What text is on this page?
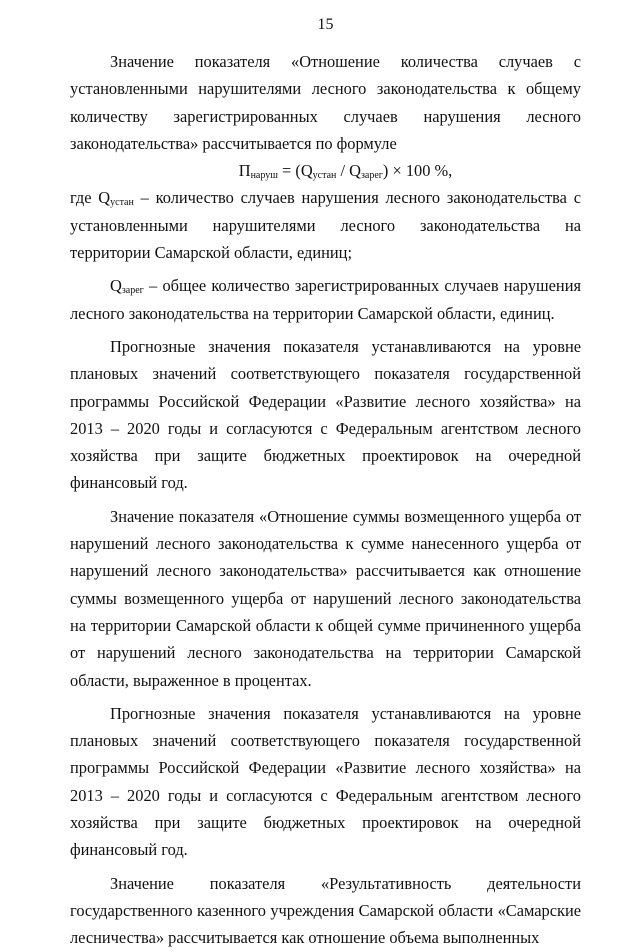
15

Значение показателя «Отношение количества случаев с установленными нарушителями лесного законодательства к общему количеству зарегистрированных случаев нарушения лесного законодательства» рассчитывается по формуле

$П_{наруш} = (Q_{устан} / Q_{зарег}) \times 100$ %,

где $Q_{устан}$ – количество случаев нарушения лесного законодательства с установленными нарушителями лесного законодательства на территории Самарской области, единиц;

$Q_{зарег}$ – общее количество зарегистрированных случаев нарушения лесного законодательства на территории Самарской области, единиц.

Прогнозные значения показателя устанавливаются на уровне плановых значений соответствующего показателя государственной программы Российской Федерации «Развитие лесного хозяйства» на 2013 – 2020 годы и согласуются с Федеральным агентством лесного хозяйства при защите бюджетных проектировок на очередной финансовый год.

Значение показателя «Отношение суммы возмещенного ущерба от нарушений лесного законодательства к сумме нанесенного ущерба от нарушений лесного законодательства» рассчитывается как отношение суммы возмещенного ущерба от нарушений лесного законодательства на территории Самарской области к общей сумме причиненного ущерба от нарушений лесного законодательства на территории Самарской области, выраженное в процентах.

Прогнозные значения показателя устанавливаются на уровне плановых значений соответствующего показателя государственной программы Российской Федерации «Развитие лесного хозяйства» на 2013 – 2020 годы и согласуются с Федеральным агентством лесного хозяйства при защите бюджетных проектировок на очередной финансовый год.

Значение показателя «Результативность деятельности государственного казенного учреждения Самарской области «Самарские лесничества» рассчитывается как отношение объема выполненных
